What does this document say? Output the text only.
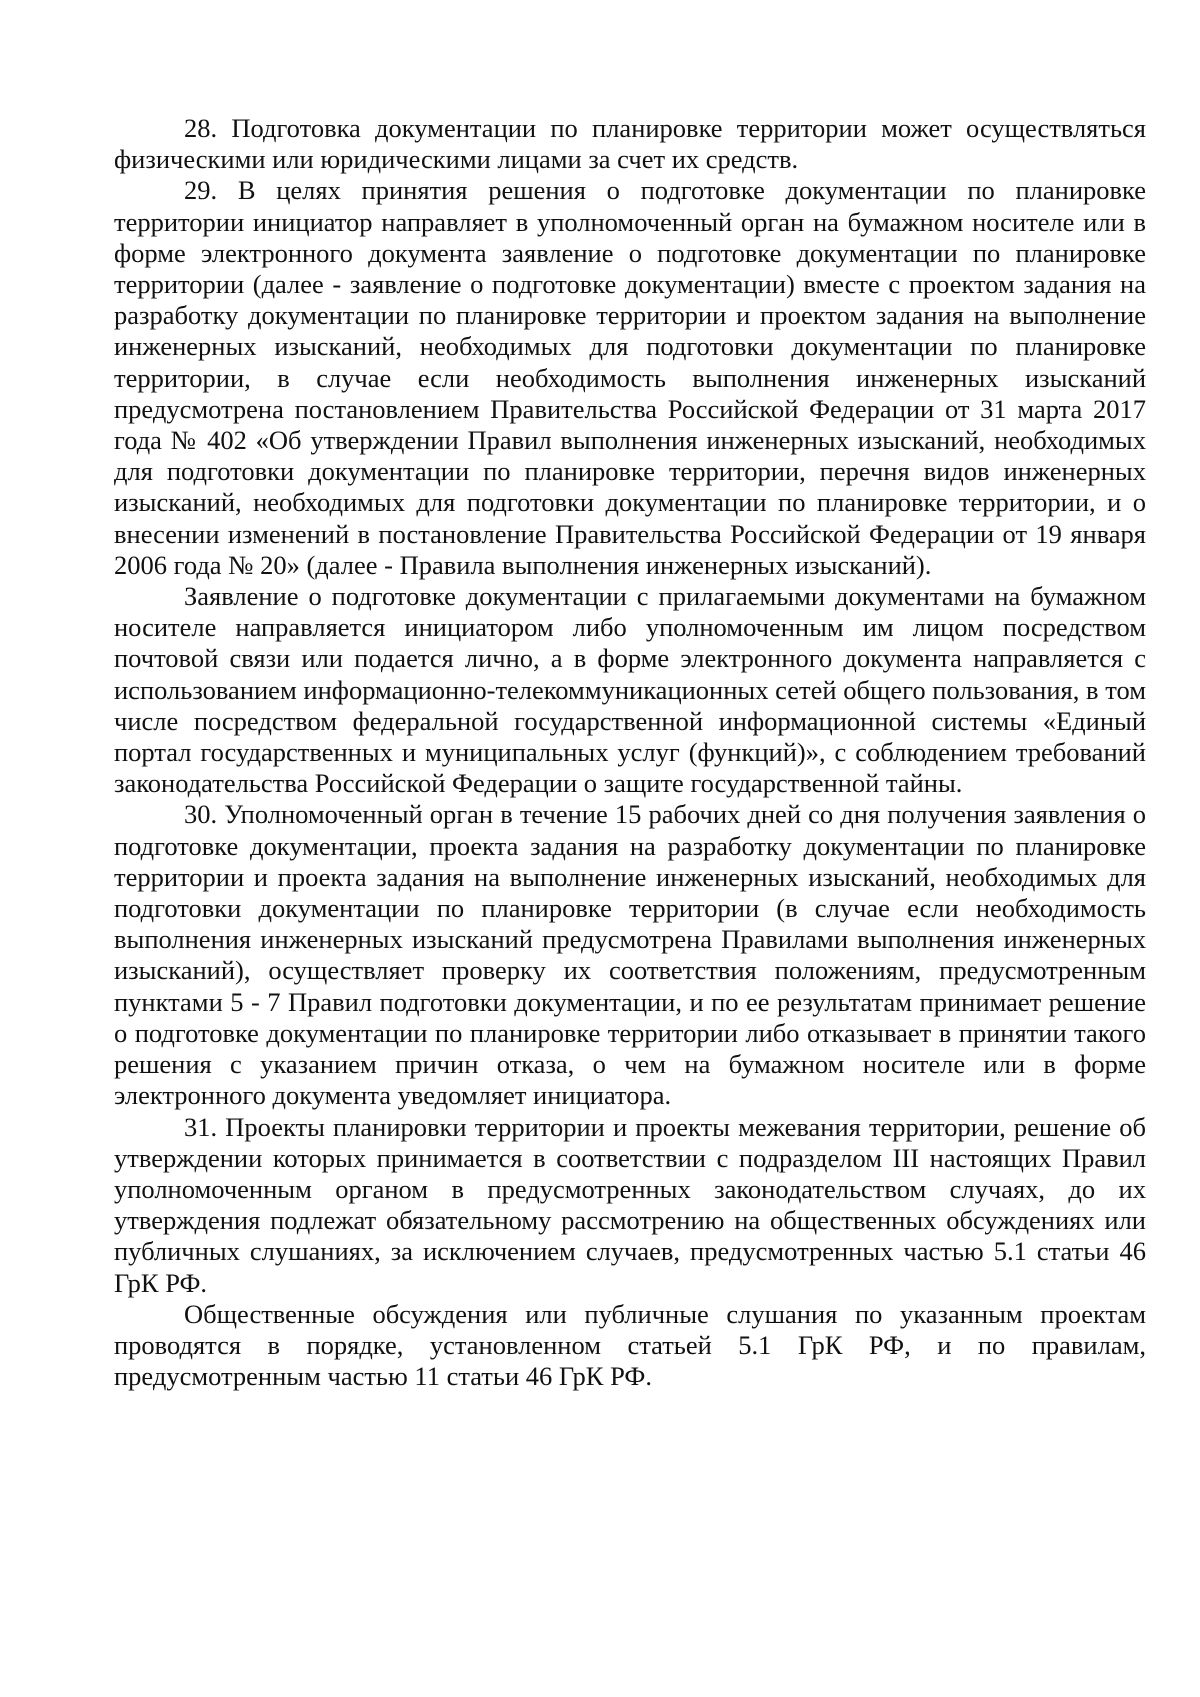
28. Подготовка документации по планировке территории может осуществляться физическими или юридическими лицами за счет их средств.

29. В целях принятия решения о подготовке документации по планировке территории инициатор направляет в уполномоченный орган на бумажном носителе или в форме электронного документа заявление о подготовке документации по планировке территории (далее - заявление о подготовке документации) вместе с проектом задания на разработку документации по планировке территории и проектом задания на выполнение инженерных изысканий, необходимых для подготовки документации по планировке территории, в случае если необходимость выполнения инженерных изысканий предусмотрена постановлением Правительства Российской Федерации от 31 марта 2017 года № 402 «Об утверждении Правил выполнения инженерных изысканий, необходимых для подготовки документации по планировке территории, перечня видов инженерных изысканий, необходимых для подготовки документации по планировке территории, и о внесении изменений в постановление Правительства Российской Федерации от 19 января 2006 года № 20» (далее - Правила выполнения инженерных изысканий).

Заявление о подготовке документации с прилагаемыми документами на бумажном носителе направляется инициатором либо уполномоченным им лицом посредством почтовой связи или подается лично, а в форме электронного документа направляется с использованием информационно-телекоммуникационных сетей общего пользования, в том числе посредством федеральной государственной информационной системы «Единый портал государственных и муниципальных услуг (функций)», с соблюдением требований законодательства Российской Федерации о защите государственной тайны.

30. Уполномоченный орган в течение 15 рабочих дней со дня получения заявления о подготовке документации, проекта задания на разработку документации по планировке территории и проекта задания на выполнение инженерных изысканий, необходимых для подготовки документации по планировке территории (в случае если необходимость выполнения инженерных изысканий предусмотрена Правилами выполнения инженерных изысканий), осуществляет проверку их соответствия положениям, предусмотренным пунктами 5 - 7 Правил подготовки документации, и по ее результатам принимает решение о подготовке документации по планировке территории либо отказывает в принятии такого решения с указанием причин отказа, о чем на бумажном носителе или в форме электронного документа уведомляет инициатора.

31. Проекты планировки территории и проекты межевания территории, решение об утверждении которых принимается в соответствии с подразделом III настоящих Правил уполномоченным органом в предусмотренных законодательством случаях, до их утверждения подлежат обязательному рассмотрению на общественных обсуждениях или публичных слушаниях, за исключением случаев, предусмотренных частью 5.1 статьи 46 ГрК РФ.

Общественные обсуждения или публичные слушания по указанным проектам проводятся в порядке, установленном статьей 5.1 ГрК РФ, и по правилам, предусмотренным частью 11 статьи 46 ГрК РФ.
